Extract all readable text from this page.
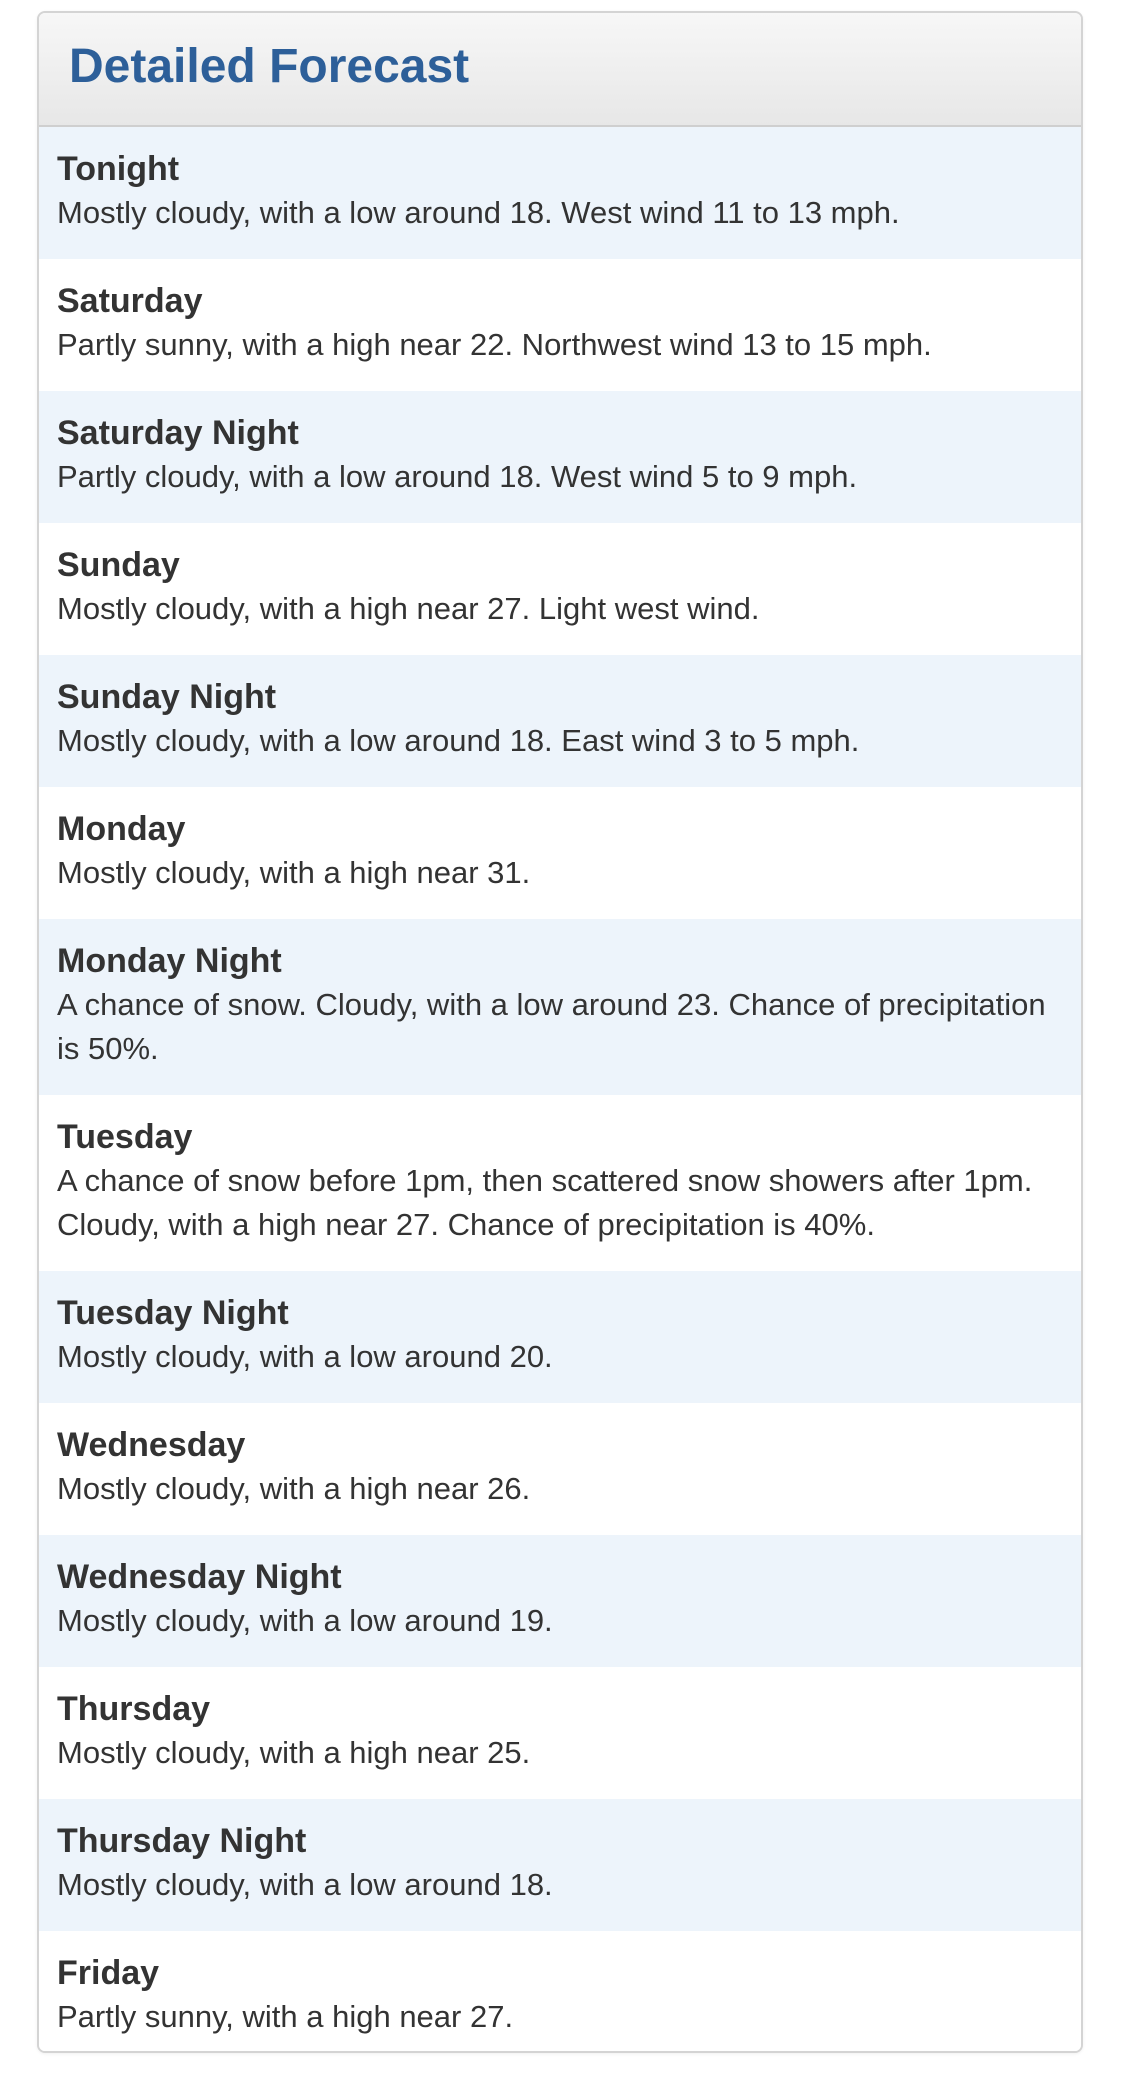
Detailed Forecast
Tonight
Mostly cloudy, with a low around 18. West wind 11 to 13 mph.
Saturday
Partly sunny, with a high near 22. Northwest wind 13 to 15 mph.
Saturday Night
Partly cloudy, with a low around 18. West wind 5 to 9 mph.
Sunday
Mostly cloudy, with a high near 27. Light west wind.
Sunday Night
Mostly cloudy, with a low around 18. East wind 3 to 5 mph.
Monday
Mostly cloudy, with a high near 31.
Monday Night
A chance of snow. Cloudy, with a low around 23. Chance of precipitation is 50%.
Tuesday
A chance of snow before 1pm, then scattered snow showers after 1pm. Cloudy, with a high near 27. Chance of precipitation is 40%.
Tuesday Night
Mostly cloudy, with a low around 20.
Wednesday
Mostly cloudy, with a high near 26.
Wednesday Night
Mostly cloudy, with a low around 19.
Thursday
Mostly cloudy, with a high near 25.
Thursday Night
Mostly cloudy, with a low around 18.
Friday
Partly sunny, with a high near 27.
